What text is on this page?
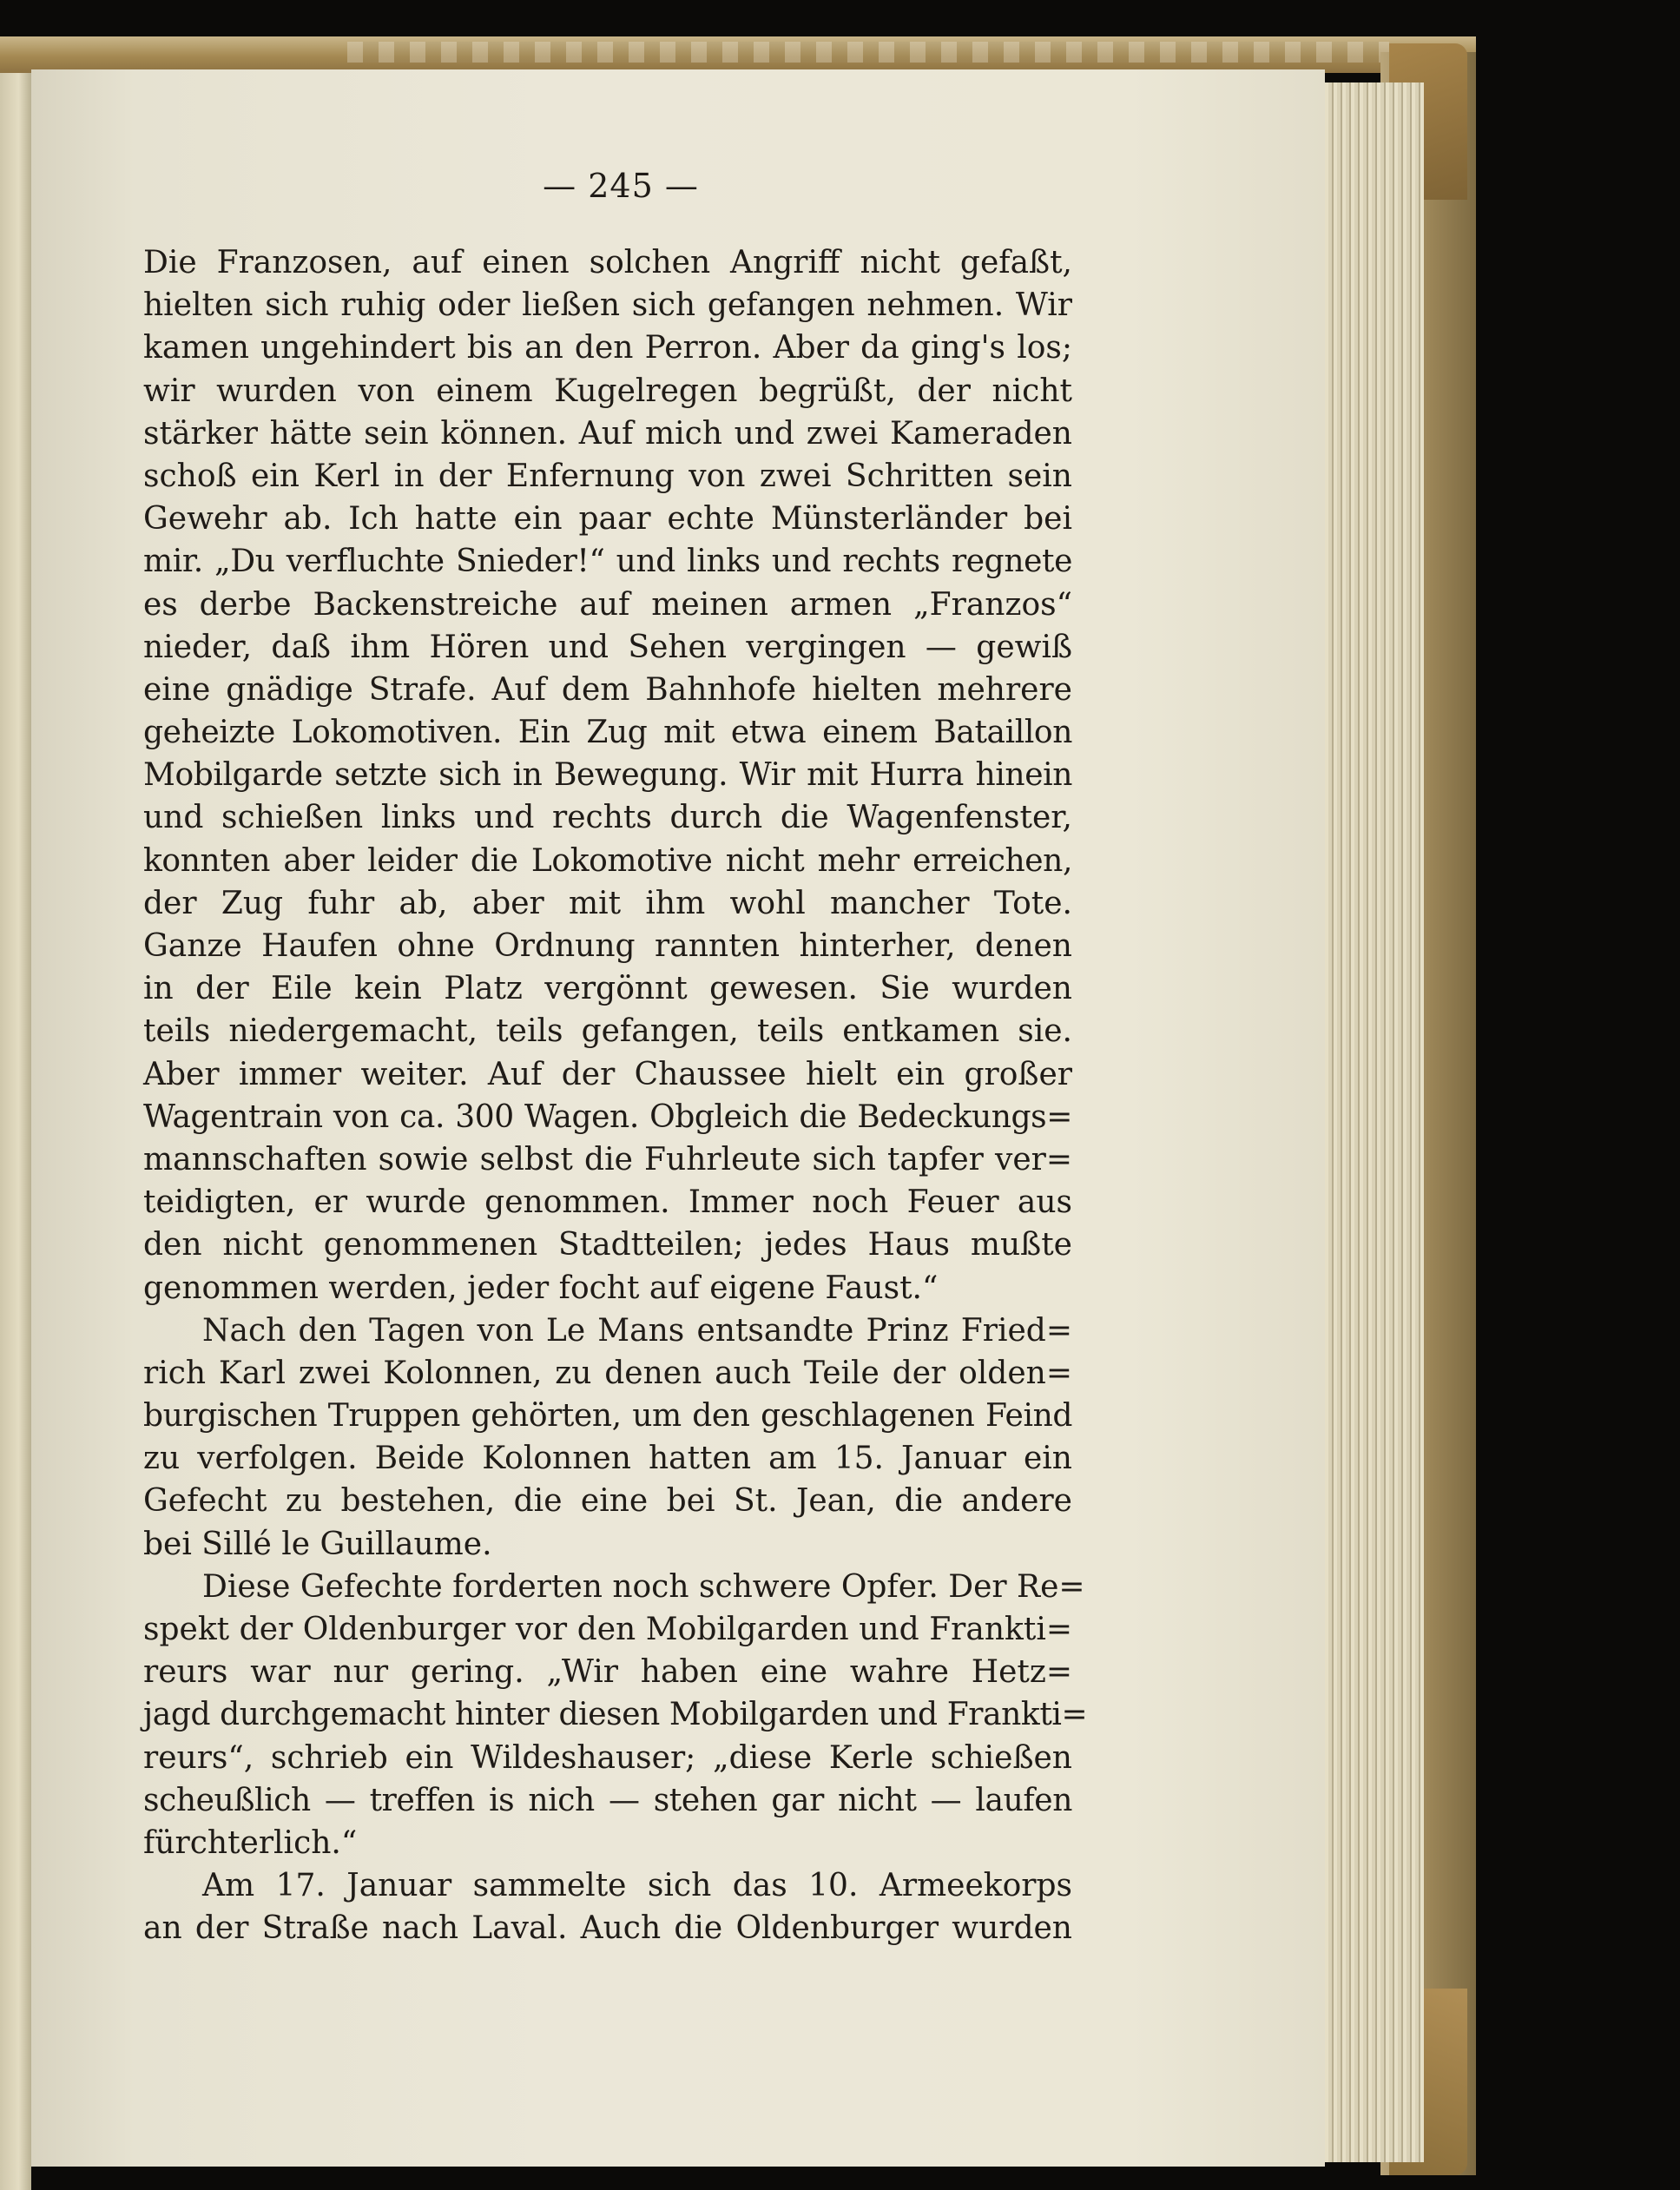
— 245 —
Die Franzosen, auf einen solchen Angriff nicht gefaßt,
hielten sich ruhig oder ließen sich gefangen nehmen. Wir
kamen ungehindert bis an den Perron. Aber da ging's los;
wir wurden von einem Kugelregen begrüßt, der nicht
stärker hätte sein können. Auf mich und zwei Kameraden
schoß ein Kerl in der Enfernung von zwei Schritten sein
Gewehr ab. Ich hatte ein paar echte Münsterländer bei
mir. „Du verfluchte Snieder!“ und links und rechts regnete
es derbe Backenstreiche auf meinen armen „Franzos“
nieder, daß ihm Hören und Sehen vergingen — gewiß
eine gnädige Strafe. Auf dem Bahnhofe hielten mehrere
geheizte Lokomotiven. Ein Zug mit etwa einem Bataillon
Mobilgarde setzte sich in Bewegung. Wir mit Hurra hinein
und schießen links und rechts durch die Wagenfenster,
konnten aber leider die Lokomotive nicht mehr erreichen,
der Zug fuhr ab, aber mit ihm wohl mancher Tote.
Ganze Haufen ohne Ordnung rannten hinterher, denen
in der Eile kein Platz vergönnt gewesen. Sie wurden
teils niedergemacht, teils gefangen, teils entkamen sie.
Aber immer weiter. Auf der Chaussee hielt ein großer
Wagentrain von ca. 300 Wagen. Obgleich die Bedeckungs=
mannschaften sowie selbst die Fuhrleute sich tapfer ver=
teidigten, er wurde genommen. Immer noch Feuer aus
den nicht genommenen Stadtteilen; jedes Haus mußte
genommen werden, jeder focht auf eigene Faust.“
Nach den Tagen von Le Mans entsandte Prinz Fried=
rich Karl zwei Kolonnen, zu denen auch Teile der olden=
burgischen Truppen gehörten, um den geschlagenen Feind
zu verfolgen. Beide Kolonnen hatten am 15. Januar ein
Gefecht zu bestehen, die eine bei St. Jean, die andere
bei Sillé le Guillaume.
Diese Gefechte forderten noch schwere Opfer. Der Re=
spekt der Oldenburger vor den Mobilgarden und Frankti=
reurs war nur gering. „Wir haben eine wahre Hetz=
jagd durchgemacht hinter diesen Mobilgarden und Frankti=
reurs“, schrieb ein Wildeshauser; „diese Kerle schießen
scheußlich — treffen is nich — stehen gar nicht — laufen
fürchterlich.“
Am 17. Januar sammelte sich das 10. Armeekorps
an der Straße nach Laval. Auch die Oldenburger wurden
